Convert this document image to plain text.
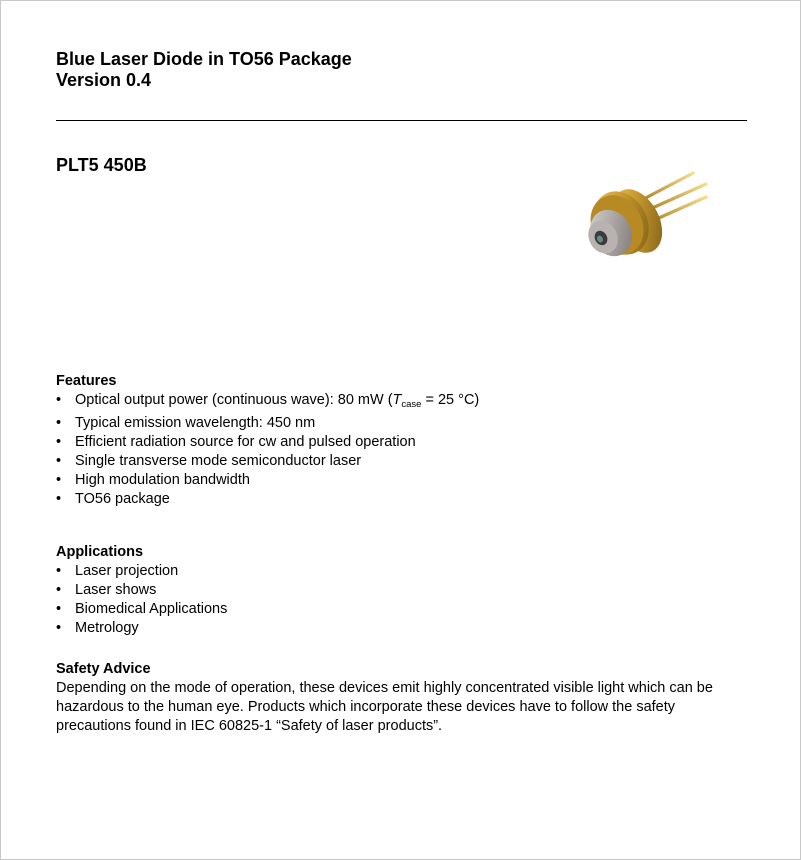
Blue Laser Diode in TO56 Package
Version 0.4
PLT5 450B
Features
• Optical output power (continuous wave): 80 mW ($T_{case} = 25$ °C)
• Typical emission wavelength: 450 nm
• Efficient radiation source for cw and pulsed operation
• Single transverse mode semiconductor laser
• High modulation bandwidth
• TO56 package
Applications
• Laser projection
• Laser shows
• Biomedical Applications
• Metrology
Safety Advice

Depending on the mode of operation, these devices emit highly concentrated visible light which can be

hazardous to the human eye. Products which incorporate these devices have to follow the safety

precautions found in IEC 60825-1 “Safety of laser products”.
